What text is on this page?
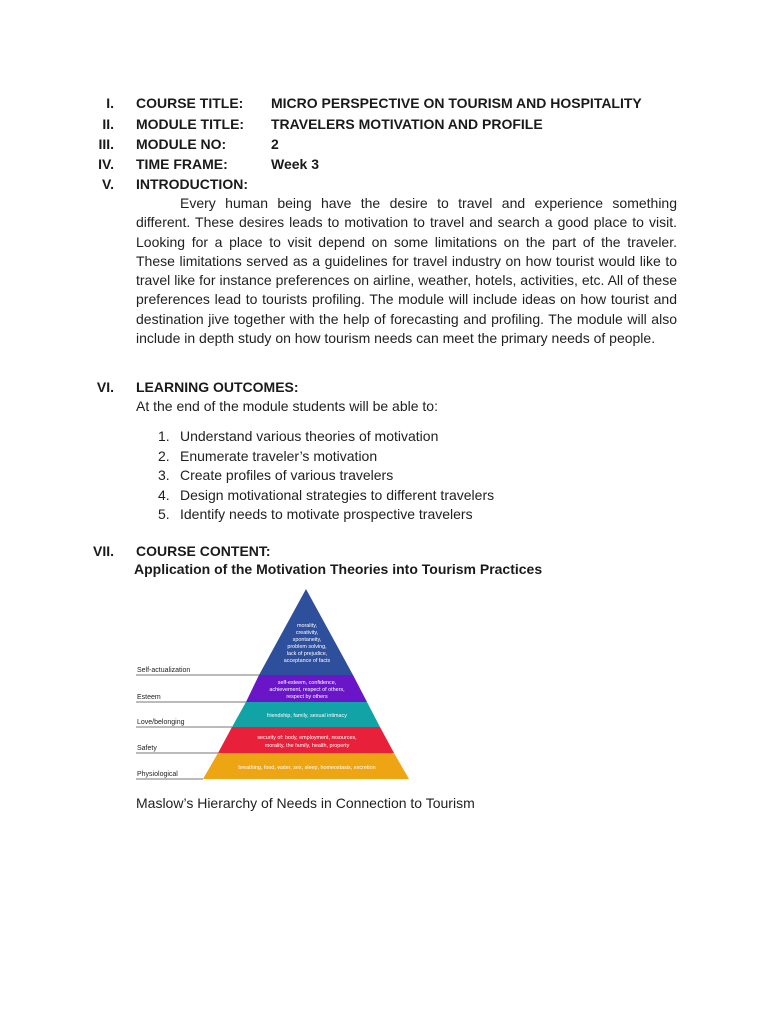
I. COURSE TITLE: MICRO PERSPECTIVE ON TOURISM AND HOSPITALITY
II. MODULE TITLE: TRAVELERS MOTIVATION AND PROFILE
III. MODULE NO:	2
IV. TIME FRAME:	Week 3
V. INTRODUCTION:
Every human being have the desire to travel and experience something different. These desires leads to motivation to travel and search a good place to visit. Looking for a place to visit depend on some limitations on the part of the traveler. These limitations served as a guidelines for travel industry on how tourist would like to travel like for instance preferences on airline, weather, hotels, activities, etc. All of these preferences lead to tourists profiling. The module will include ideas on how tourist and destination jive together with the help of forecasting and profiling. The module will also include in depth study on how tourism needs can meet the primary needs of people.
VI. LEARNING OUTCOMES:
At the end of the module students will be able to:
1. Understand various theories of motivation
2. Enumerate traveler’s motivation
3. Create profiles of various travelers
4. Design motivational strategies to different travelers
5. Identify needs to motivate prospective travelers
VII. COURSE CONTENT:
Application of the Motivation Theories into Tourism Practices
Self-actualization
Esteem
Love/belonging
Safety
Physiological
morality,
creativity,
spontaneity,
problem solving,
lack of prejudice,
acceptance of facts
self-esteem, confidence,
achievement, respect of others,
respect by others
friendship, family, sexual intimacy
security of: body, employment, resources,
morality, the family, health, property
breathing, food, water, sex, sleep, homeostasis, excretion
Maslow’s Hierarchy of Needs in Connection to Tourism
